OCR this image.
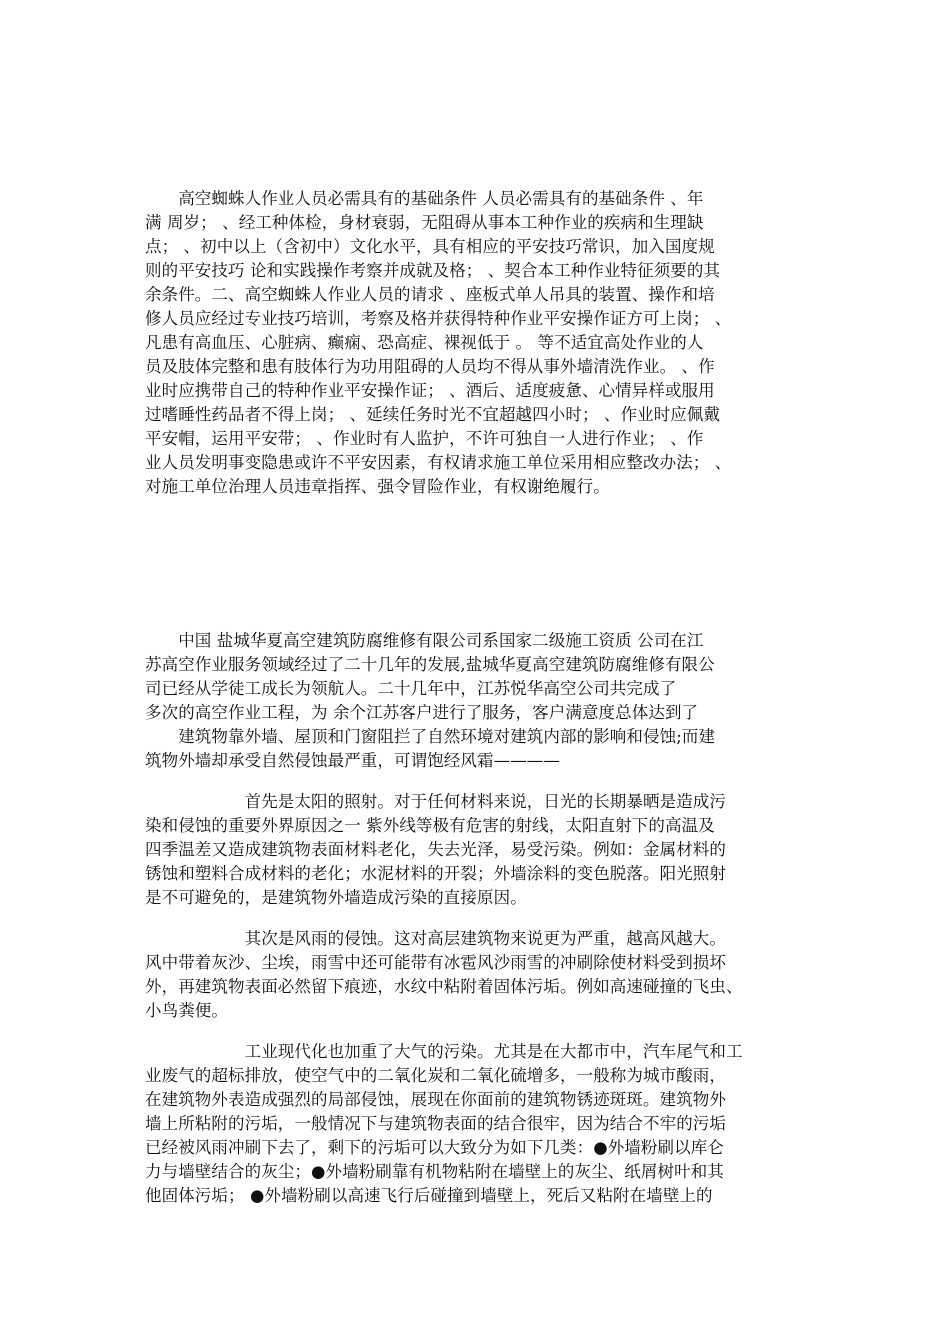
　　高空蜘蛛人作业人员必需具有的基础条件 人员必需具有的基础条件 、年
满 周岁； 、经工种体检，身材衰弱，无阻碍从事本工种作业的疾病和生理缺
点； 、初中以上（含初中）文化水平，具有相应的平安技巧常识，加入国度规
则的平安技巧 论和实践操作考察并成就及格； 、契合本工种作业特征须要的其
余条件。二、高空蜘蛛人作业人员的请求 、座板式单人吊具的装置、操作和培
修人员应经过专业技巧培训，考察及格并获得特种作业平安操作证方可上岗； 、
凡患有高血压、心脏病、癫痫、恐高症、裸视低于 。 等不适宜高处作业的人
员及肢体完整和患有肢体行为功用阻碍的人员均不得从事外墙清洗作业。 、作
业时应携带自己的特种作业平安操作证； 、酒后、适度疲惫、心情异样或服用
过嗜睡性药品者不得上岗； 、延续任务时光不宜超越四小时； 、作业时应佩戴
平安帽，运用平安带； 、作业时有人监护，不许可独自一人进行作业； 、作
业人员发明事变隐患或许不平安因素，有权请求施工单位采用相应整改办法； 、
对施工单位治理人员违章指挥、强令冒险作业，有权谢绝履行。
　　中国 盐城华夏高空建筑防腐维修有限公司系国家二级施工资质 公司在江
苏高空作业服务领域经过了二十几年的发展,盐城华夏高空建筑防腐维修有限公
司已经从学徒工成长为领航人。二十几年中，江苏悦华高空公司共完成了
多次的高空作业工程，为 余个江苏客户进行了服务，客户满意度总体达到了
　　建筑物靠外墙、屋顶和门窗阻拦了自然环境对建筑内部的影响和侵蚀;而建
筑物外墙却承受自然侵蚀最严重，可谓饱经风霜————
　　　　　　首先是太阳的照射。对于任何材料来说，日光的长期暴晒是造成污
染和侵蚀的重要外界原因之一 紫外线等极有危害的射线，太阳直射下的高温及
四季温差又造成建筑物表面材料老化，失去光泽，易受污染。例如：金属材料的
锈蚀和塑料合成材料的老化；水泥材料的开裂；外墙涂料的变色脱落。阳光照射
是不可避免的，是建筑物外墙造成污染的直接原因。
　　　　　　其次是风雨的侵蚀。这对高层建筑物来说更为严重，越高风越大。
风中带着灰沙、尘埃，雨雪中还可能带有冰雹风沙雨雪的冲刷除使材料受到损坏
外，再建筑物表面必然留下痕迹，水纹中粘附着固体污垢。例如高速碰撞的飞虫、
小鸟粪便。
　　　　　　工业现代化也加重了大气的污染。尤其是在大都市中，汽车尾气和工
业废气的超标排放，使空气中的二氧化炭和二氧化硫增多，一般称为城市酸雨，
在建筑物外表造成强烈的局部侵蚀，展现在你面前的建筑物锈迹斑斑。建筑物外
墙上所粘附的污垢，一般情况下与建筑物表面的结合很牢，因为结合不牢的污垢
已经被风雨冲刷下去了，剩下的污垢可以大致分为如下几类：●外墙粉刷以库仑
力与墙壁结合的灰尘；●外墙粉刷靠有机物粘附在墙壁上的灰尘、纸屑树叶和其
他固体污垢； ●外墙粉刷以高速飞行后碰撞到墙壁上，死后又粘附在墙壁上的
